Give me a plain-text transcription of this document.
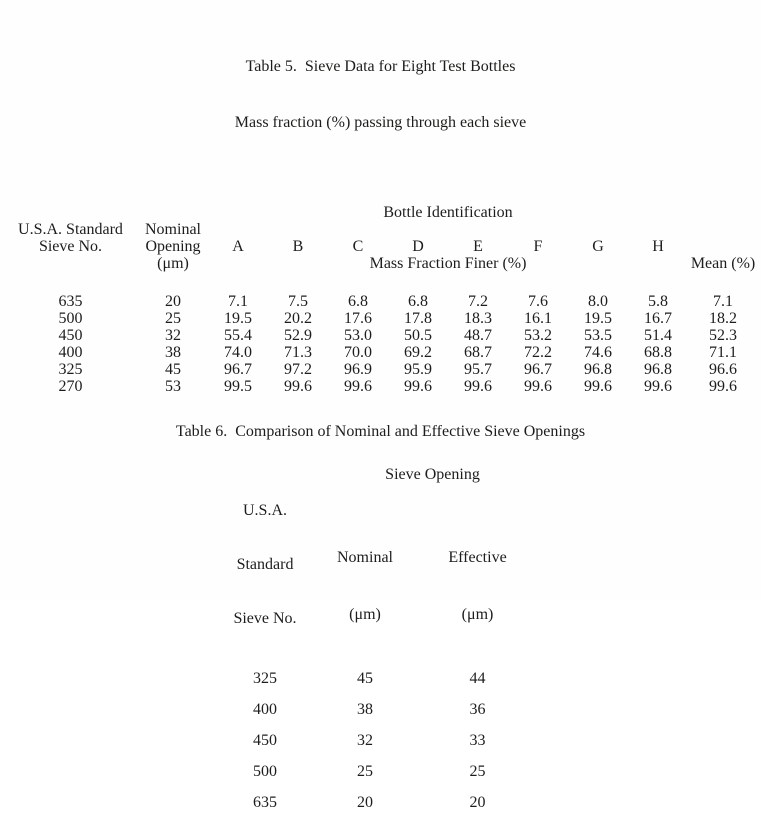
Table 5.  Sieve Data for Eight Test Bottles

Mass fraction (%) passing through each sieve

		Bottle Identification								
U.S.A. Standard	Nominal									
Sieve No.	Opening	A	B	C	D	E	F	G	H	
	(μm)	Mass Fraction Finer (%)								Mean (%)

635	20	7.1	7.5	6.8	6.8	7.2	7.6	8.0	5.8	7.1
500	25	19.5	20.2	17.6	17.8	18.3	16.1	19.5	16.7	18.2
450	32	55.4	52.9	53.0	50.5	48.7	53.2	53.5	51.4	52.3
400	38	74.0	71.3	70.0	69.2	68.7	72.2	74.6	68.8	71.1
325	45	96.7	97.2	96.9	95.9	95.7	96.7	96.8	96.8	96.6
270	53	99.5	99.6	99.6	99.6	99.6	99.6	99.6	99.6	99.6
Table 6.  Comparison of Nominal and Effective Sieve Openings

U.S.A.

Standard

Sieve No.	Sieve Opening	

Nominal

(μm)

Effective

(μm)

325	45	44
400	38	36
450	32	33
500	25	25
635	20	20
